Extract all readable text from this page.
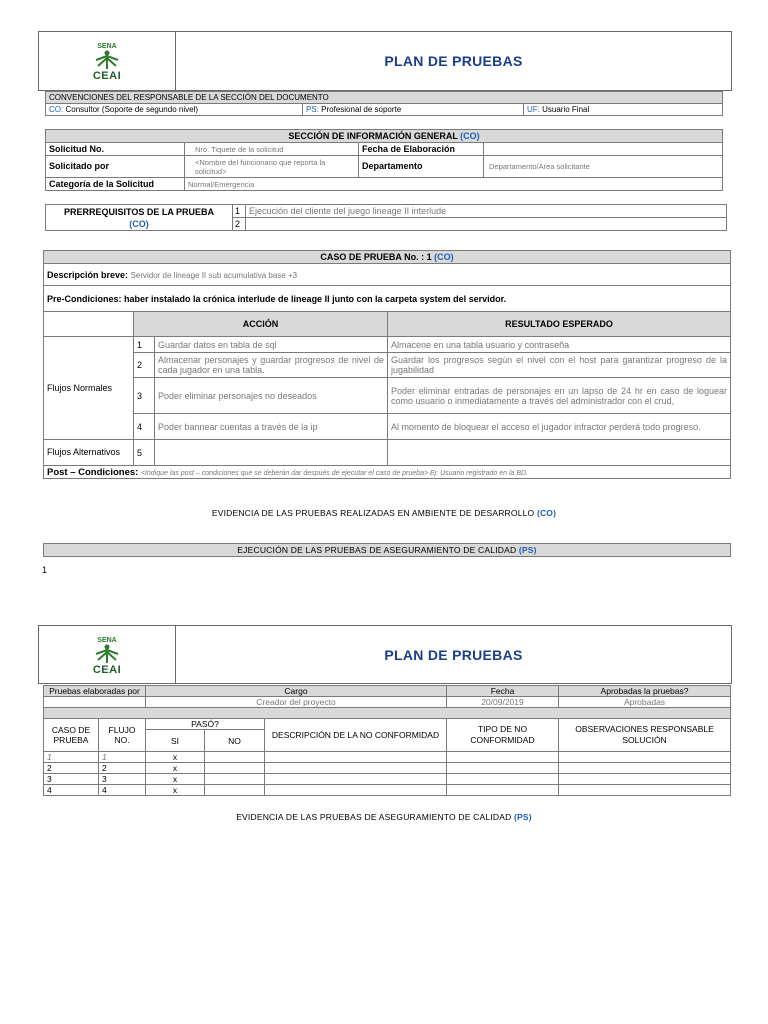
SENA
CEAI
PLAN DE PRUEBAS
CONVENCIONES DEL RESPONSABLE DE LA SECCIÓN DEL DOCUMENTO
CO: Consultor (Soporte de segundo nivel)	PS: Profesional de soporte	UF: Usuario Final
SECCIÓN DE INFORMACIÓN GENERAL (CO)			
Solicitud No.	Nro. Tiquete de la solicitud	Fecha de Elaboración	
Solicitado por	<Nombre del funcionario que reporta la solicitud>	Departamento	Departamento/Area solicitante
Categoría de la Solicitud	Normal/Emergencia		
PRERREQUISITOS DE LA PRUEBA
(CO)	1	Ejecución del cliente del juego lineage II interlude
	2	
CASO DE PRUEBA No. : 1 (CO)			
Descripción breve: Servidor de lineage II sub acumulativa base +3			
Pre-Condiciones: haber instalado la crónica interlude de lineage II junto con la carpeta system del servidor.			
	ACCIÓN		RESULTADO ESPERADO
Flujos Normales	1	Guardar datos en tabla de sql	Almacene en una tabla usuario y contraseña
	2	Almacenar personajes y guardar progresos de nivel de cada jugador en una tabla.	Guardar los progresos según el nivel con el host para garantizar progreso de la jugabilidad
	3	Poder eliminar personajes no deseados	Poder eliminar entradas de personajes en un lapso de 24 hr en caso de loguear como usuario o inmediatamente a través del administrador con el crud,
	4	Poder bannear cuentas a través de la ip	Al momento de bloquear el acceso el jugador infractor perderá todo progreso.
Flujos Alternativos	5		
Post – Condiciones: <Indique las post – condiciones que se deberán dar después de ejecutar el caso de prueba> Ej: Usuario registrado en la BD.			
EVIDENCIA DE LAS PRUEBAS REALIZADAS EN AMBIENTE DE DESARROLLO (CO)
EJECUCIÓN DE LAS PRUEBAS DE ASEGURAMIENTO DE CALIDAD (PS)
1
SENA
CEAI
PLAN DE PRUEBAS
Pruebas elaboradas por		Cargo			Fecha	Aprobadas la pruebas?
		Creador del proyecto			20/09/2019	Aprobadas

CASO DE PRUEBA	FLUJO NO.	PASÓ?		DESCRIPCIÓN DE LA NO CONFORMIDAD	TIPO DE NO CONFORMIDAD	OBSERVACIONES RESPONSABLE SOLUCIÓN
		SI	NO			
1	1	x				
2	2	x				
3	3	x				
4	4	x				
EVIDENCIA DE LAS PRUEBAS DE ASEGURAMIENTO DE CALIDAD (PS)
